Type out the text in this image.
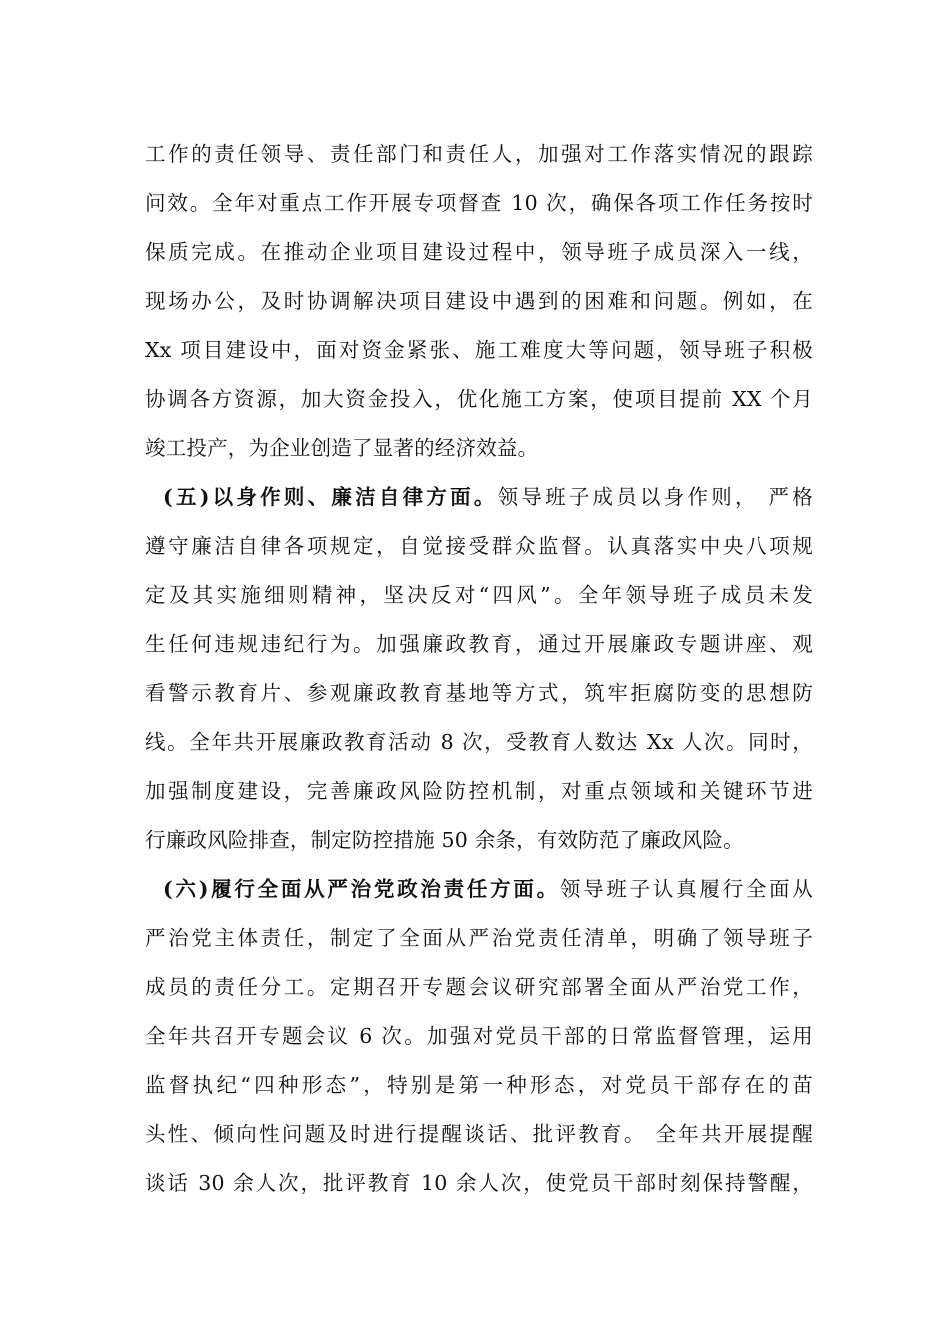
工作的责任领导、责任部门和责任人，加强对工作落实情况的跟踪
问效。全年对重点工作开展专项督查 10 次，确保各项工作任务按时
保质完成。在推动企业项目建设过程中，领导班子成员深入一线，
现场办公，及时协调解决项目建设中遇到的困难和问题。例如，在
Xx 项目建设中，面对资金紧张、施工难度大等问题，领导班子积极
协调各方资源，加大资金投入，优化施工方案，使项目提前 XX 个月
竣工投产，为企业创造了显著的经济效益。
(五)以身作则、廉洁自律方面。领导班子成员以身作则， 严格
遵守廉洁自律各项规定，自觉接受群众监督。认真落实中央八项规
定及其实施细则精神，坚决反对“四风”。全年领导班子成员未发
生任何违规违纪行为。加强廉政教育，通过开展廉政专题讲座、观
看警示教育片、参观廉政教育基地等方式，筑牢拒腐防变的思想防
线。全年共开展廉政教育活动 8 次，受教育人数达 Xx 人次。同时，
加强制度建设，完善廉政风险防控机制，对重点领域和关键环节进
行廉政风险排查，制定防控措施 50 余条，有效防范了廉政风险。
(六)履行全面从严治党政治责任方面。领导班子认真履行全面从
严治党主体责任，制定了全面从严治党责任清单，明确了领导班子
成员的责任分工。定期召开专题会议研究部署全面从严治党工作，
全年共召开专题会议 6 次。加强对党员干部的日常监督管理，运用
监督执纪“四种形态”，特别是第一种形态，对党员干部存在的苗
头性、倾向性问题及时进行提醒谈话、批评教育。 全年共开展提醒
谈话 30 余人次，批评教育 10 余人次，使党员干部时刻保持警醒，
